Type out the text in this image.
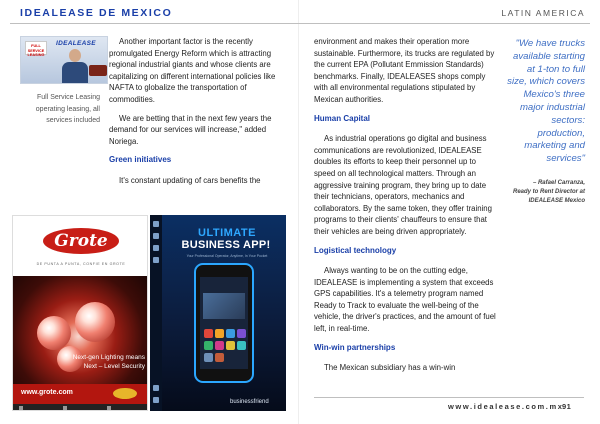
IDEALEASE DE MEXICO	LATIN AMERICA
FULL SERVICE LEASING
IDEALEASE
Full Service Leasing operating leasing, all services included

Another important factor is the recently promulgated Energy Reform which is attracting regional industrial giants and whose clients are capitalizing on different international policies like NAFTA to globalize the transportation of commodities.

We are betting that in the next few years the demand for our services will increase," added Noriega.

Green initiatives

It's constant updating of cars benefits the

environment and makes their operation more sustainable. Furthermore, its trucks are regulated by the current EPA (Pollutant Emmission Standards) benchmarks. Finally, IDEALEASES shops comply with all environmental regulations stipulated by Mexican authorities.

Human Capital

As industrial operations go digital and business communications are revolutionized, IDEALEASE doubles its efforts to keep their personnel up to speed on all technological matters. Through an aggressive training program, they bring up to date their technicians, operators, mechanics and collaborators. By the same token, they offer training programs to their clients' chauffeurs to ensure that their vehicles are being driven appropriately.

Logistical technology

Always wanting to be on the cutting edge, IDEALEASE is implementing a system that exceeds GPS capabilities. It's a telemetry program named Ready to Track to evaluate the well-being of the vehicle, the driver's practices, and the amount of fuel left, in real-time.

Win-win partnerships

The Mexican subsidiary has a win-win

"We have trucks available starting at 1-ton to full size, which covers Mexico's three major industrial sectors: production, marketing and services"
– Rafael Carranza,
Ready to Rent Director at IDEALEASE Mexico
www.idealease.com.mx
91
Grote
DE PUNTA A PUNTA, CONFIE EN GROTE
Next-gen Lighting means
Next – Level Security
www.grote.com
ULTIMATE
BUSINESS APP!
Your Professional Operator, Anytime, In Your Pocket
businessfriend
